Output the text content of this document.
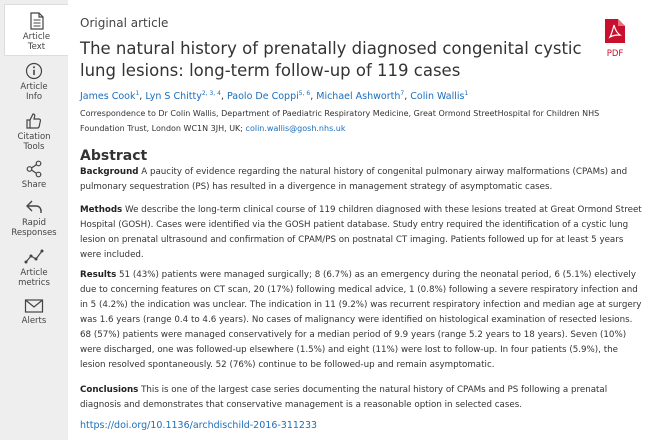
Article
Text
Article
Info
Citation
Tools
Share
Rapid
Responses
Article
metrics
Alerts
Original article
The natural history of prenatally diagnosed congenital cystic lung lesions: long-term follow-up of 119 cases
PDF
James Cook$^1$, Lyn S Chitty$^{2, 3, 4}$, Paolo De Coppi$^{5, 6}$, Michael Ashworth$^7$, Colin Wallis$^1$
Correspondence to Dr Colin Wallis, Department of Paediatric Respiratory Medicine, Great Ormond StreetHospital for Children NHS Foundation Trust, London WC1N 3JH, UK; colin.wallis@gosh.nhs.uk
Abstract

Background A paucity of evidence regarding the natural history of congenital pulmonary airway malformations (CPAMs) and pulmonary sequestration (PS) has resulted in a divergence in management strategy of asymptomatic cases.

Methods We describe the long-term clinical course of 119 children diagnosed with these lesions treated at Great Ormond Street Hospital (GOSH). Cases were identified via the GOSH patient database. Study entry required the identification of a cystic lung lesion on prenatal ultrasound and confirmation of CPAM/PS on postnatal CT imaging. Patients followed up for at least 5 years were included.

Results 51 (43%) patients were managed surgically; 8 (6.7%) as an emergency during the neonatal period, 6 (5.1%) electively due to concerning features on CT scan, 20 (17%) following medical advice, 1 (0.8%) following a severe respiratory infection and in 5 (4.2%) the indication was unclear. The indication in 11 (9.2%) was recurrent respiratory infection and median age at surgery was 1.6 years (range 0.4 to 4.6 years). No cases of malignancy were identified on histological examination of resected lesions. 68 (57%) patients were managed conservatively for a median period of 9.9 years (range 5.2 years to 18 years). Seven (10%) were discharged, one was followed-up elsewhere (1.5%) and eight (11%) were lost to follow-up. In four patients (5.9%), the lesion resolved spontaneously. 52 (76%) continue to be followed-up and remain asymptomatic.

Conclusions This is one of the largest case series documenting the natural history of CPAMs and PS following a prenatal diagnosis and demonstrates that conservative management is a reasonable option in selected cases.

https://doi.org/10.1136/archdischild-2016-311233
